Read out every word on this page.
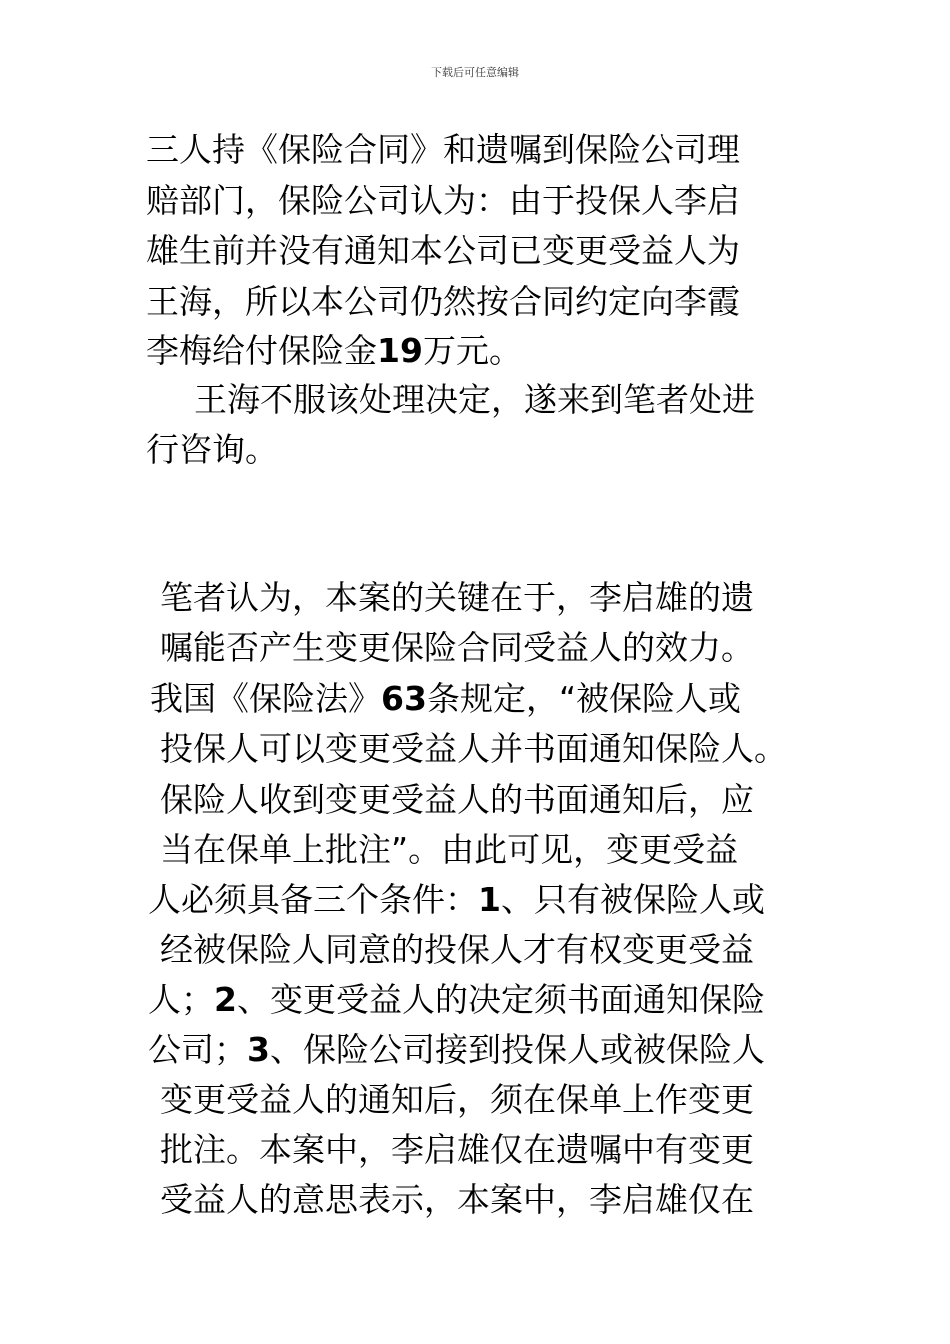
下载后可任意编辑
三人持《保险合同》和遗嘱到保险公司理
赔部门，保险公司认为：由于投保人李启
雄生前并没有通知本公司已变更受益人为
王海，所以本公司仍然按合同约定向李霞
李梅给付保险金19万元。
王海不服该处理决定，遂来到笔者处进
行咨询。
笔者认为，本案的关键在于，李启雄的遗
嘱能否产生变更保险合同受益人的效力。
我国《保险法》63条规定，“被保险人或
投保人可以变更受益人并书面通知保险人。
保险人收到变更受益人的书面通知后，应
当在保单上批注”。由此可见，变更受益
人必须具备三个条件：1、只有被保险人或
经被保险人同意的投保人才有权变更受益
人；2、变更受益人的决定须书面通知保险
公司；3、保险公司接到投保人或被保险人
变更受益人的通知后，须在保单上作变更
批注。本案中，李启雄仅在遗嘱中有变更
受益人的意思表示，本案中，李启雄仅在
